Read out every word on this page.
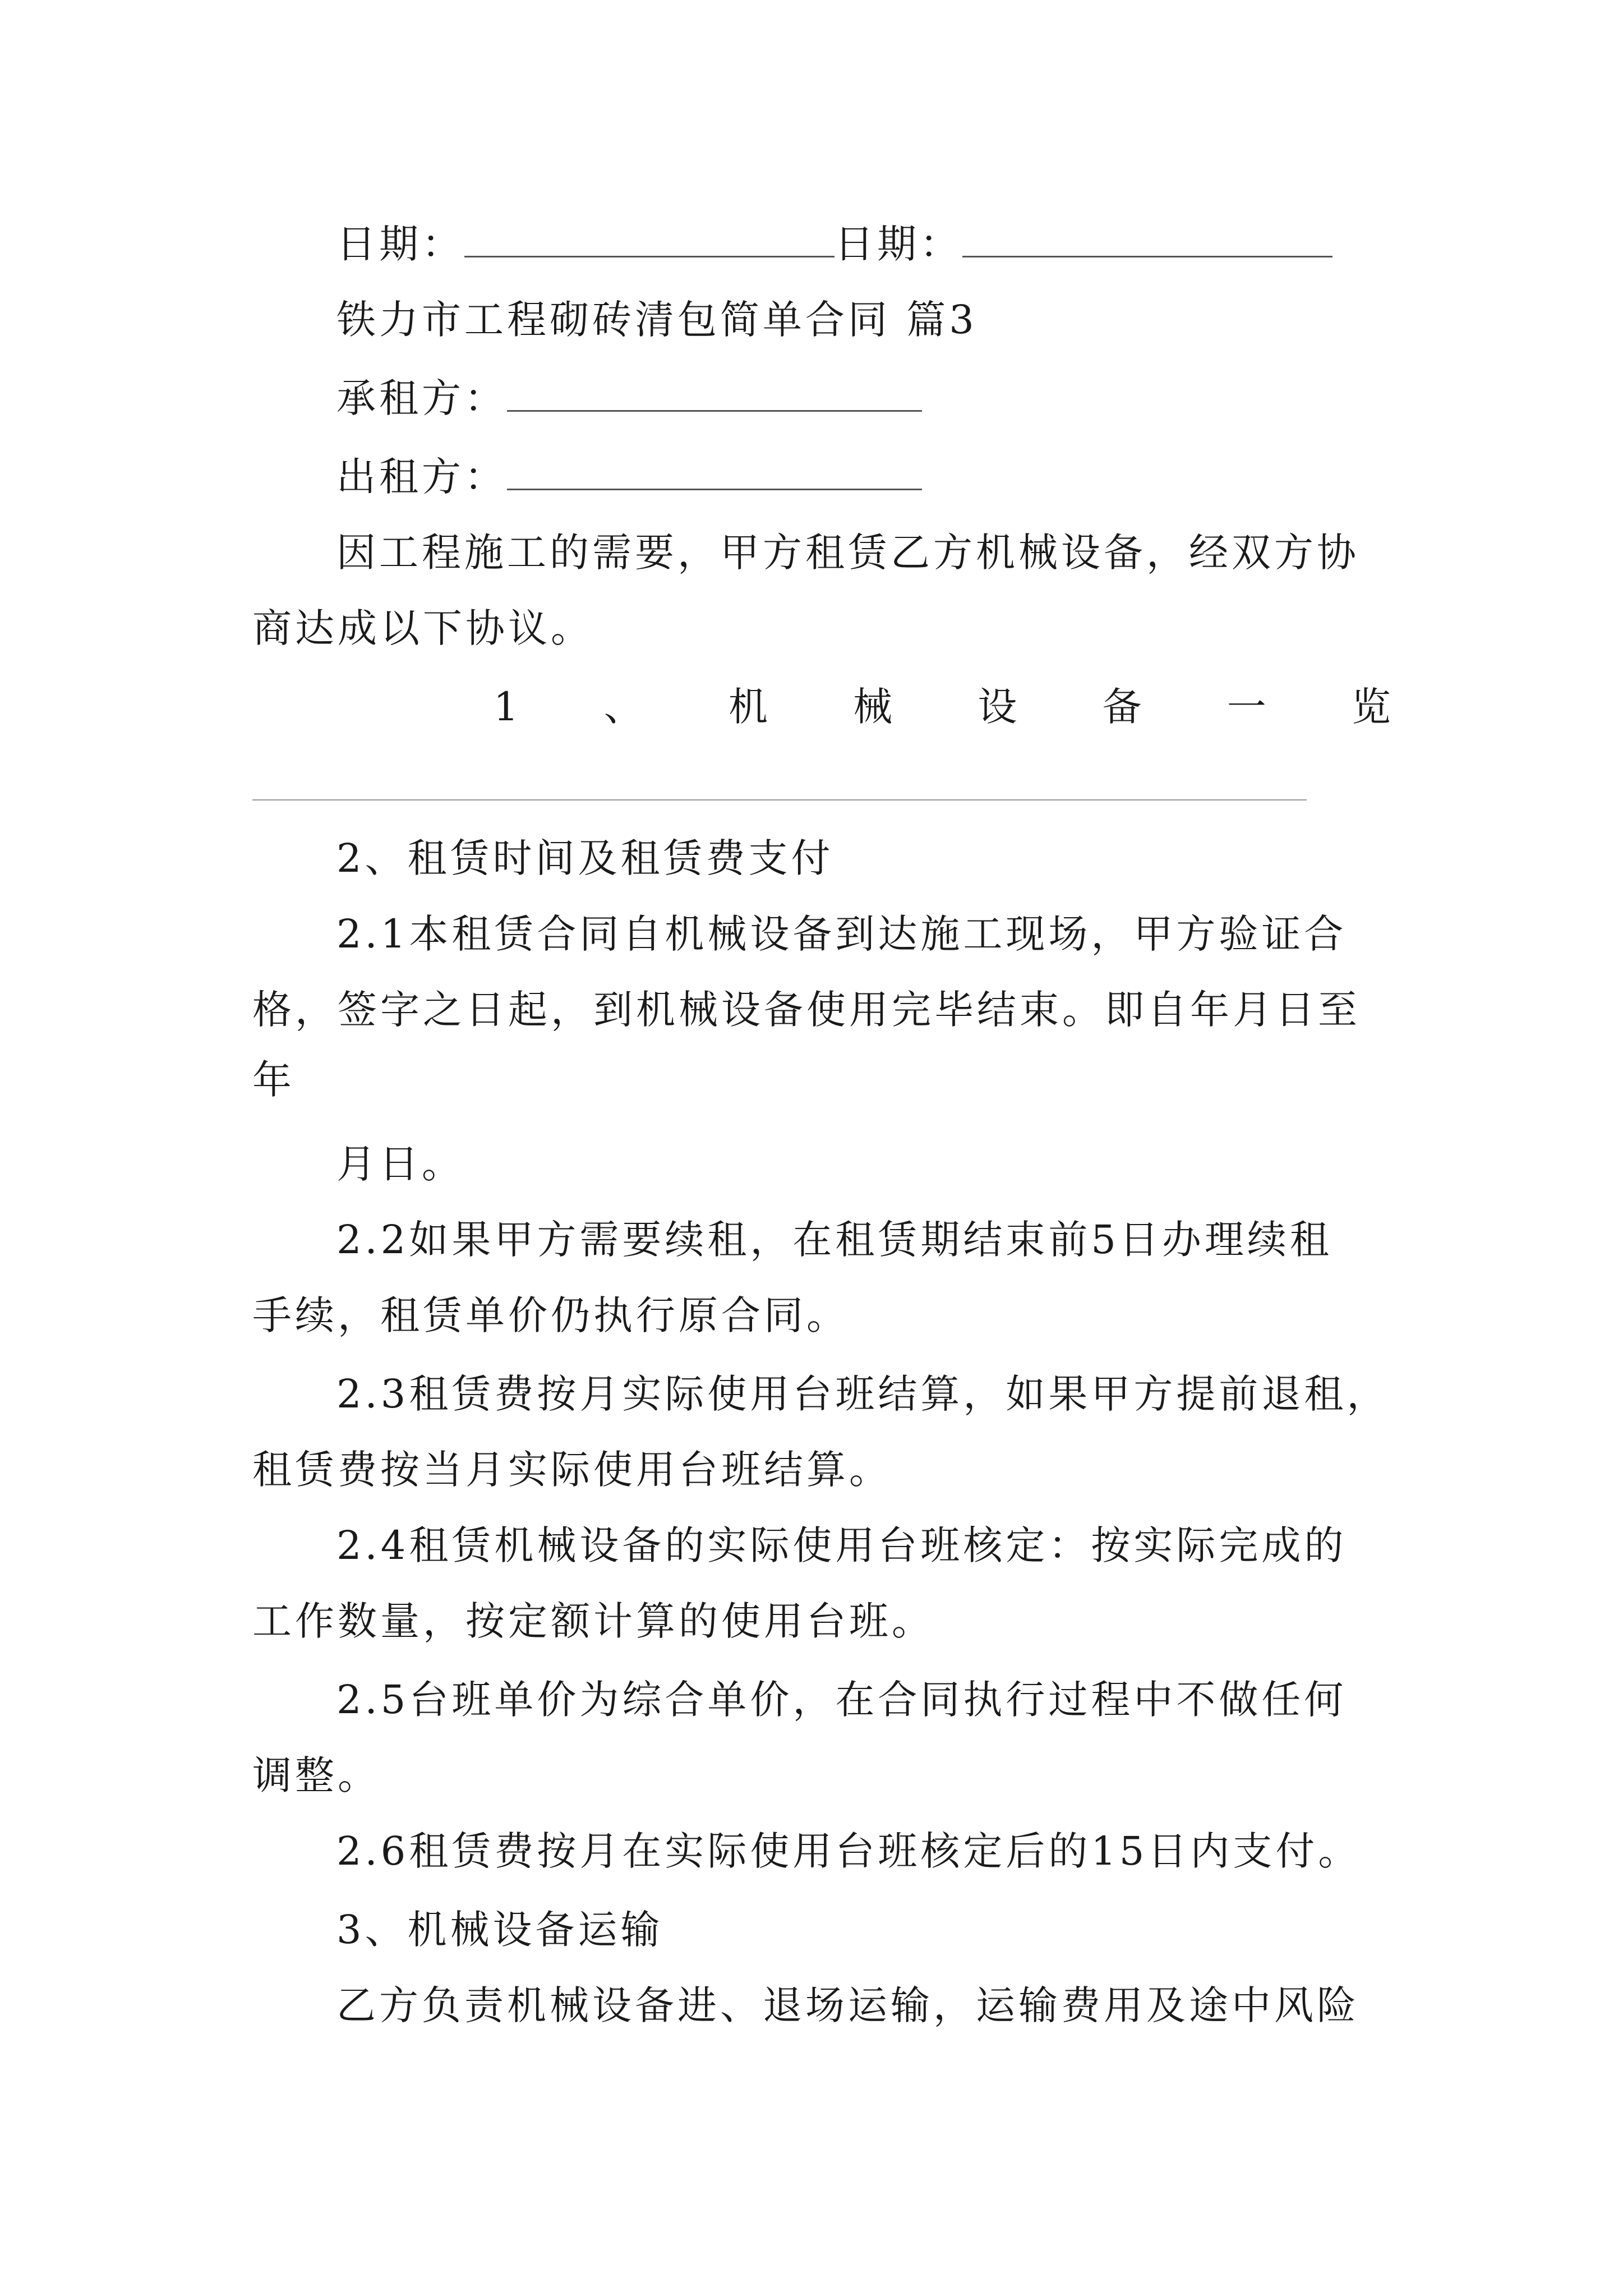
日期：	日期：
铁力市工程砌砖清包简单合同 篇3
承租方：
出租方：
因工程施工的需要，甲方租赁乙方机械设备，经双方协
商达成以下协议。
1 、 机 械 设 备 一 览
2、租赁时间及租赁费支付
2.1本租赁合同自机械设备到达施工现场，甲方验证合
格，签字之日起，到机械设备使用完毕结束。即自年月日至
年
月日。
2.2如果甲方需要续租，在租赁期结束前5日办理续租
手续，租赁单价仍执行原合同。
2.3租赁费按月实际使用台班结算，如果甲方提前退租，
租赁费按当月实际使用台班结算。
2.4租赁机械设备的实际使用台班核定：按实际完成的
工作数量，按定额计算的使用台班。
2.5台班单价为综合单价，在合同执行过程中不做任何
调整。
2.6租赁费按月在实际使用台班核定后的15日内支付。
3、机械设备运输
乙方负责机械设备进、退场运输，运输费用及途中风险
